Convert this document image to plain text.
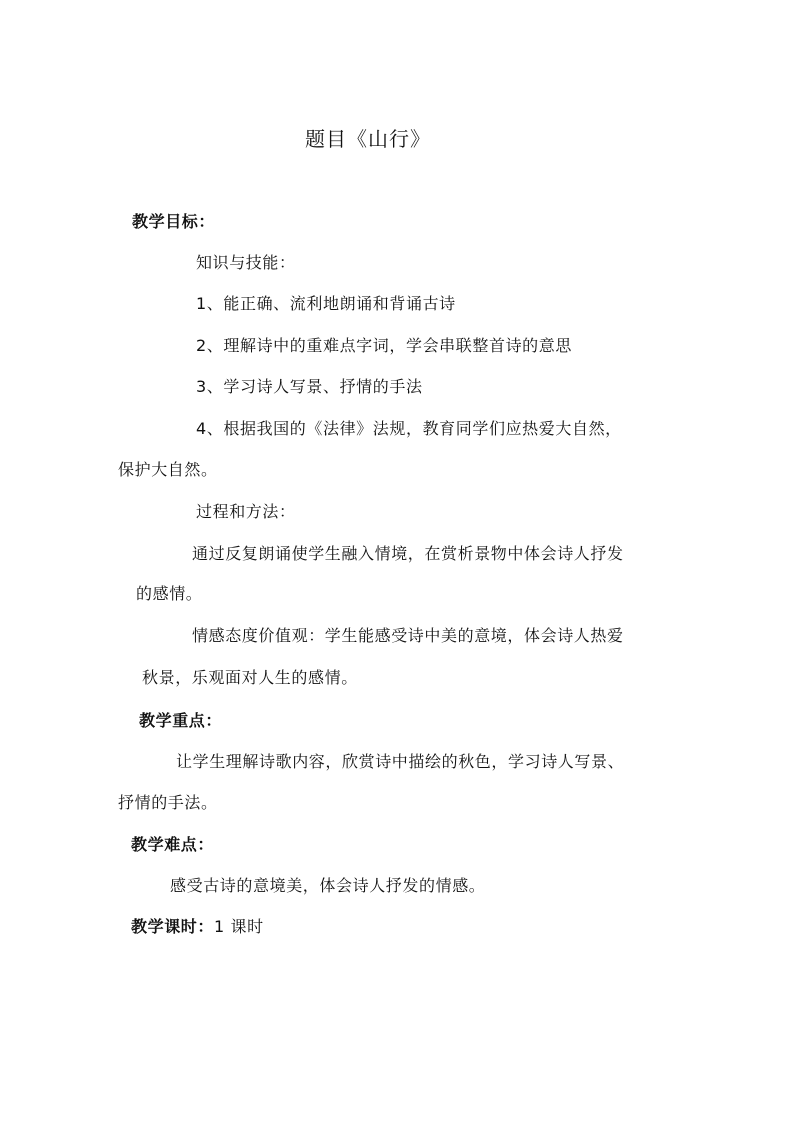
题目《山行》
教学目标：
知识与技能：
1、能正确、流利地朗诵和背诵古诗
2、理解诗中的重难点字词，学会串联整首诗的意思
3、学习诗人写景、抒情的手法
4、根据我国的《法律》法规，教育同学们应热爱大自然，
保护大自然。
过程和方法：
通过反复朗诵使学生融入情境，在赏析景物中体会诗人抒发
的感情。
情感态度价值观：学生能感受诗中美的意境，体会诗人热爱
秋景，乐观面对人生的感情。
教学重点：
让学生理解诗歌内容，欣赏诗中描绘的秋色，学习诗人写景、
抒情的手法。
教学难点：
感受古诗的意境美，体会诗人抒发的情感。
教学课时：1 课时
